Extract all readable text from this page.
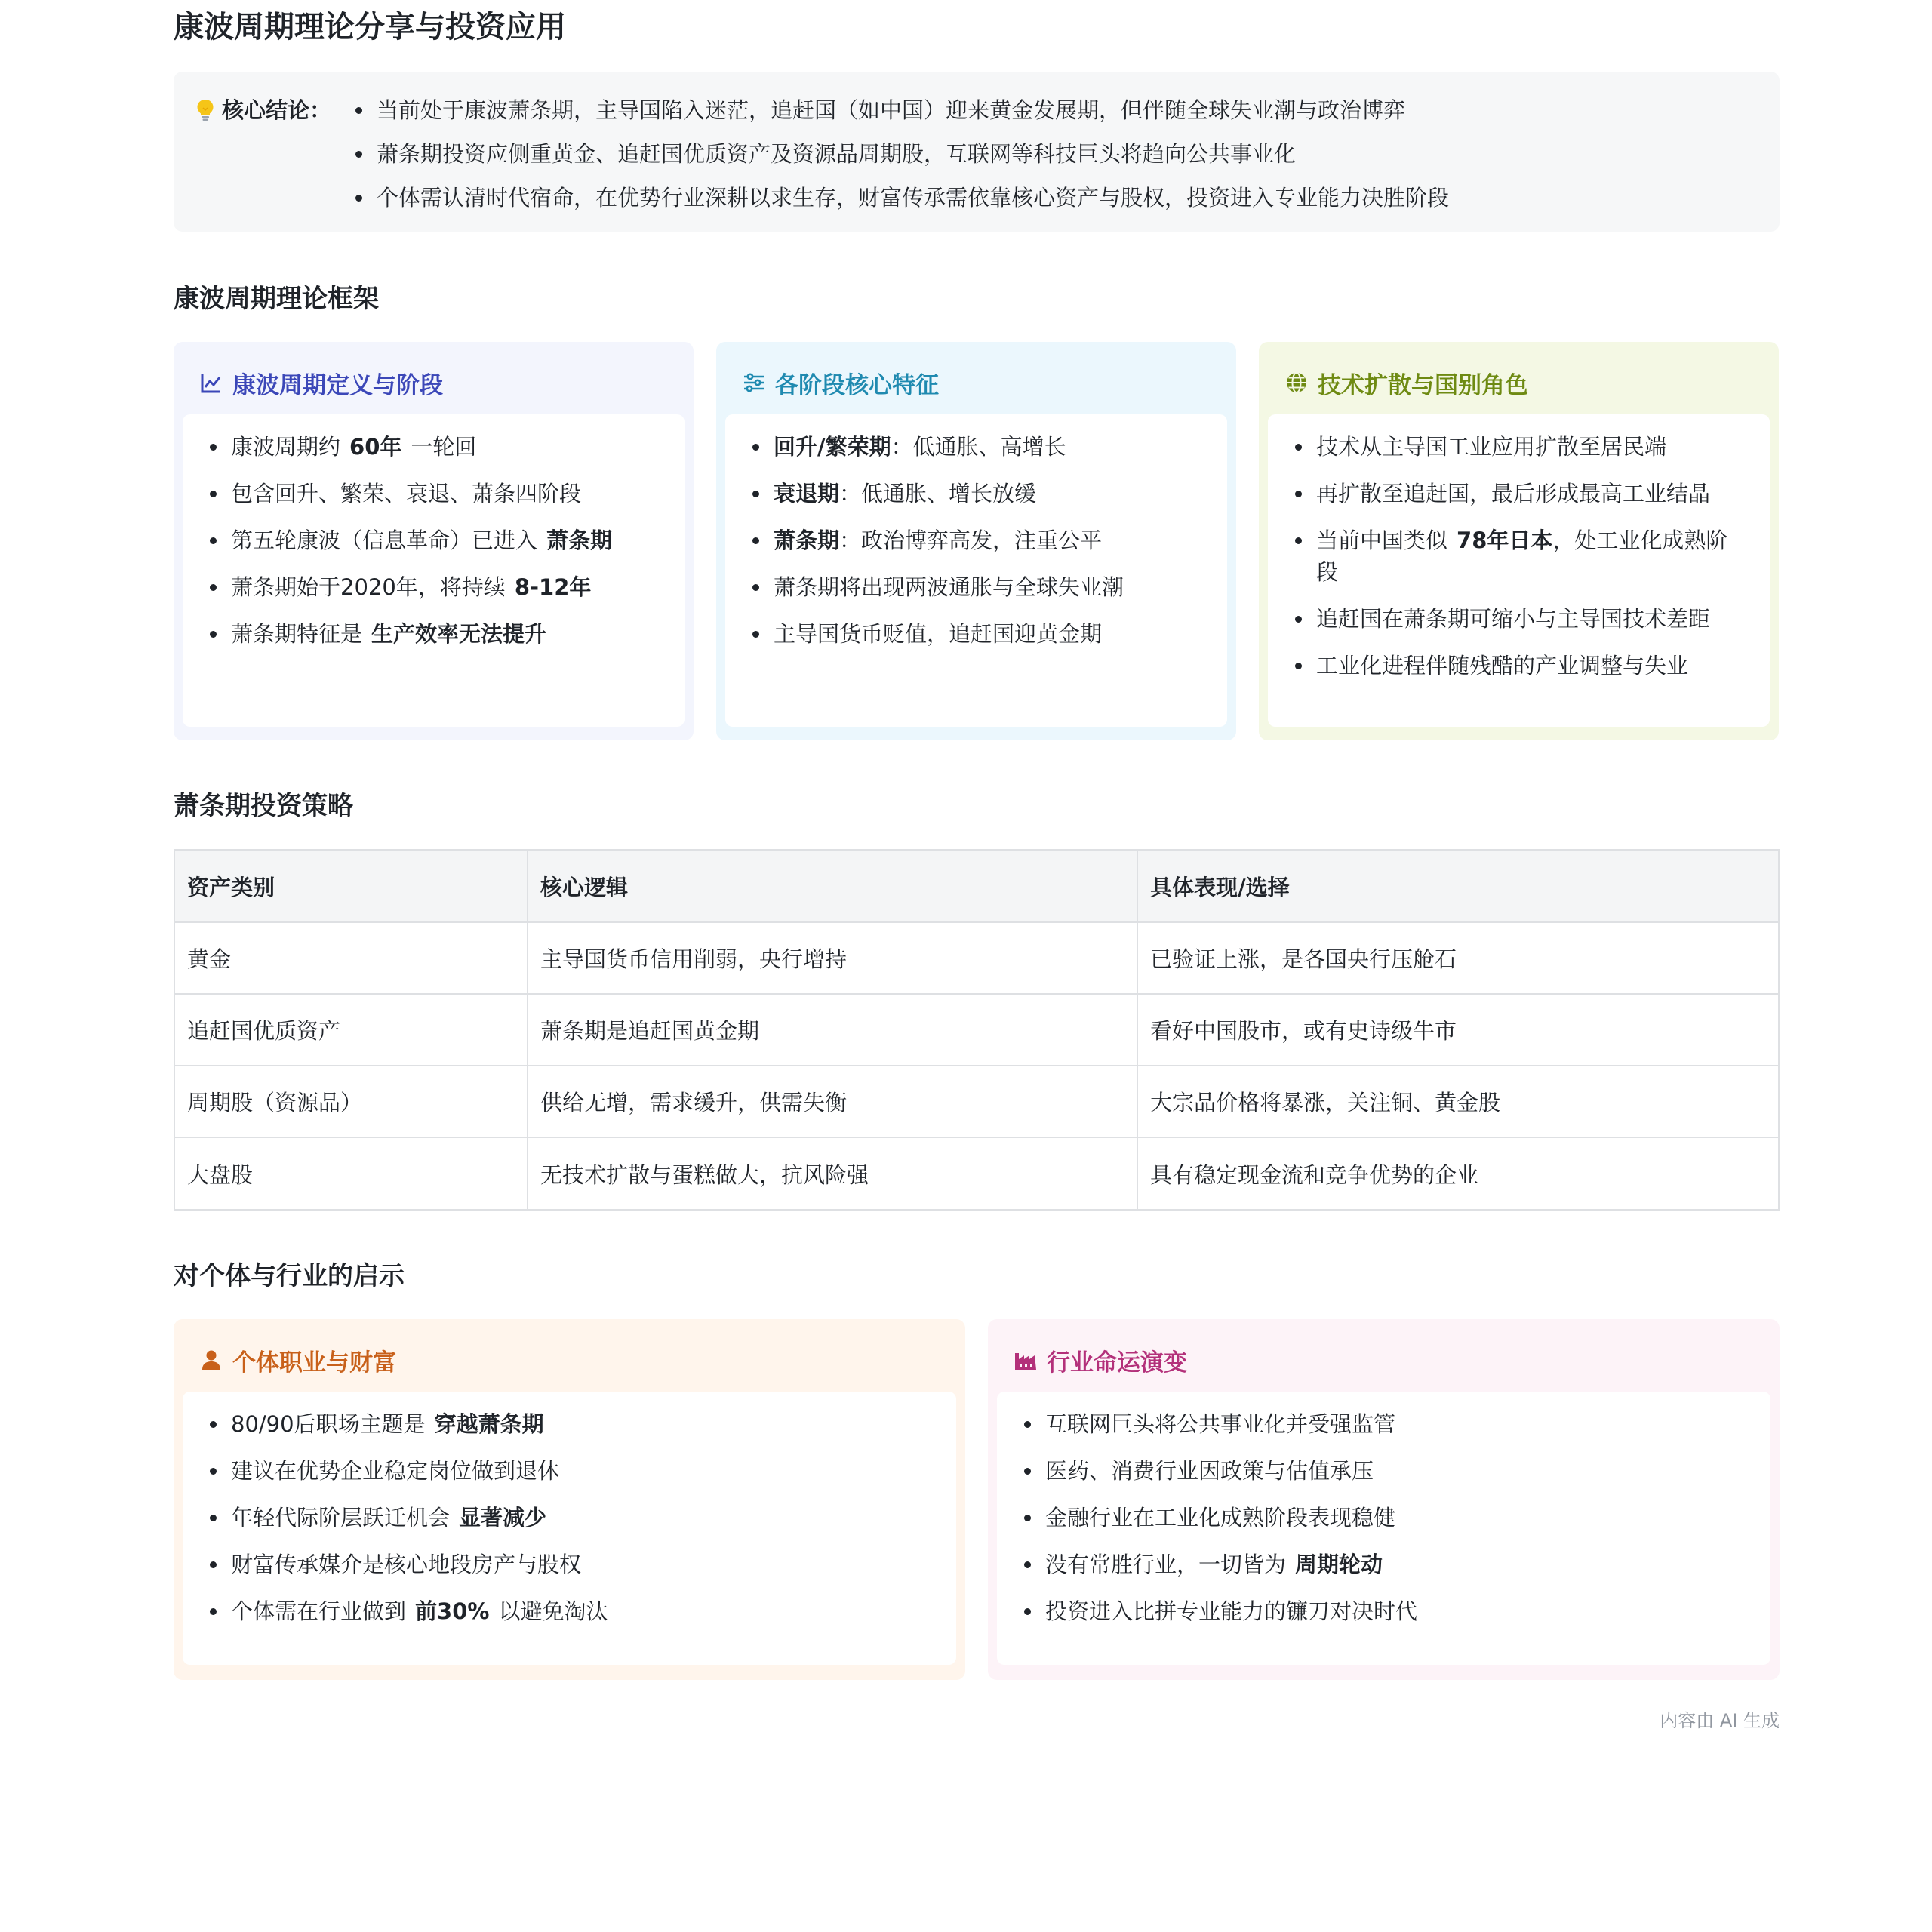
康波周期理论分享与投资应用
核心结论：	当前处于康波萧条期，主导国陷入迷茫，追赶国（如中国）迎来黄金发展期，但伴随全球失业潮与政治博弈
萧条期投资应侧重黄金、追赶国优质资产及资源品周期股，互联网等科技巨头将趋向公共事业化
个体需认清时代宿命，在优势行业深耕以求生存，财富传承需依靠核心资产与股权，投资进入专业能力决胜阶段
康波周期理论框架
康波周期定义与阶段
康波周期约 60年 一轮回
包含回升、繁荣、衰退、萧条四阶段
第五轮康波（信息革命）已进入 萧条期
萧条期始于2020年，将持续 8-12年
萧条期特征是 生产效率无法提升
各阶段核心特征
回升/繁荣期：低通胀、高增长
衰退期：低通胀、增长放缓
萧条期：政治博弈高发，注重公平
萧条期将出现两波通胀与全球失业潮
主导国货币贬值，追赶国迎黄金期
技术扩散与国别角色
技术从主导国工业应用扩散至居民端
再扩散至追赶国，最后形成最高工业结晶
当前中国类似 78年日本，处工业化成熟阶段
追赶国在萧条期可缩小与主导国技术差距
工业化进程伴随残酷的产业调整与失业
萧条期投资策略
资产类别	核心逻辑	具体表现/选择
黄金	主导国货币信用削弱，央行增持	已验证上涨，是各国央行压舱石
追赶国优质资产	萧条期是追赶国黄金期	看好中国股市，或有史诗级牛市
周期股（资源品）	供给无增，需求缓升，供需失衡	大宗品价格将暴涨，关注铜、黄金股
大盘股	无技术扩散与蛋糕做大，抗风险强	具有稳定现金流和竞争优势的企业
对个体与行业的启示
个体职业与财富
80/90后职场主题是 穿越萧条期
建议在优势企业稳定岗位做到退休
年轻代际阶层跃迁机会 显著减少
财富传承媒介是核心地段房产与股权
个体需在行业做到 前30% 以避免淘汰
行业命运演变
互联网巨头将公共事业化并受强监管
医药、消费行业因政策与估值承压
金融行业在工业化成熟阶段表现稳健
没有常胜行业，一切皆为 周期轮动
投资进入比拼专业能力的镰刀对决时代
内容由 AI 生成
